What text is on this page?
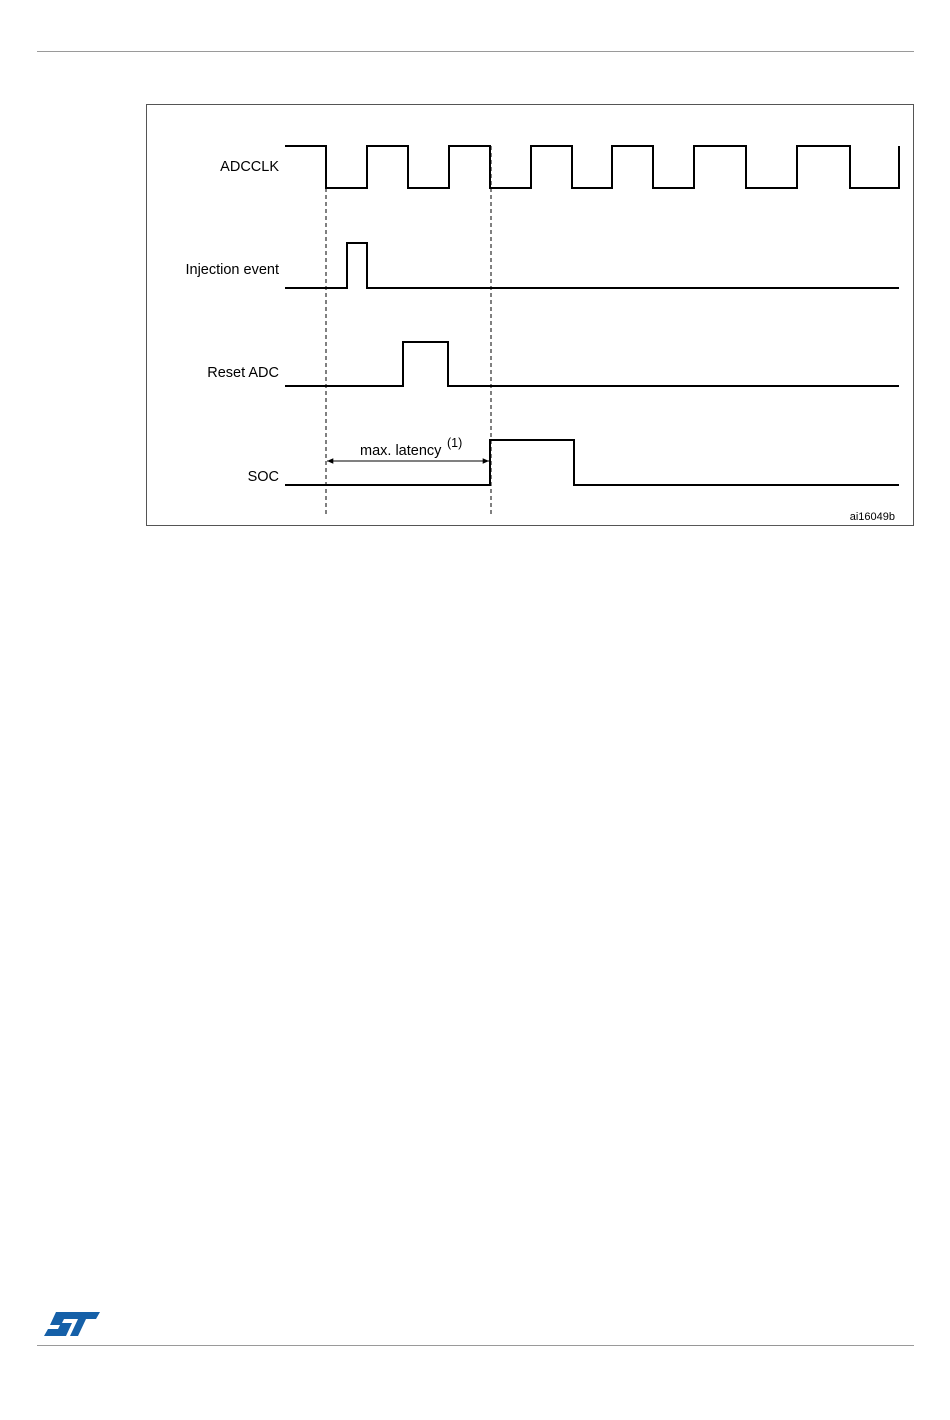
ADCCLK
Injection event
Reset ADC
SOC
max. latency (1)
ai16049b
